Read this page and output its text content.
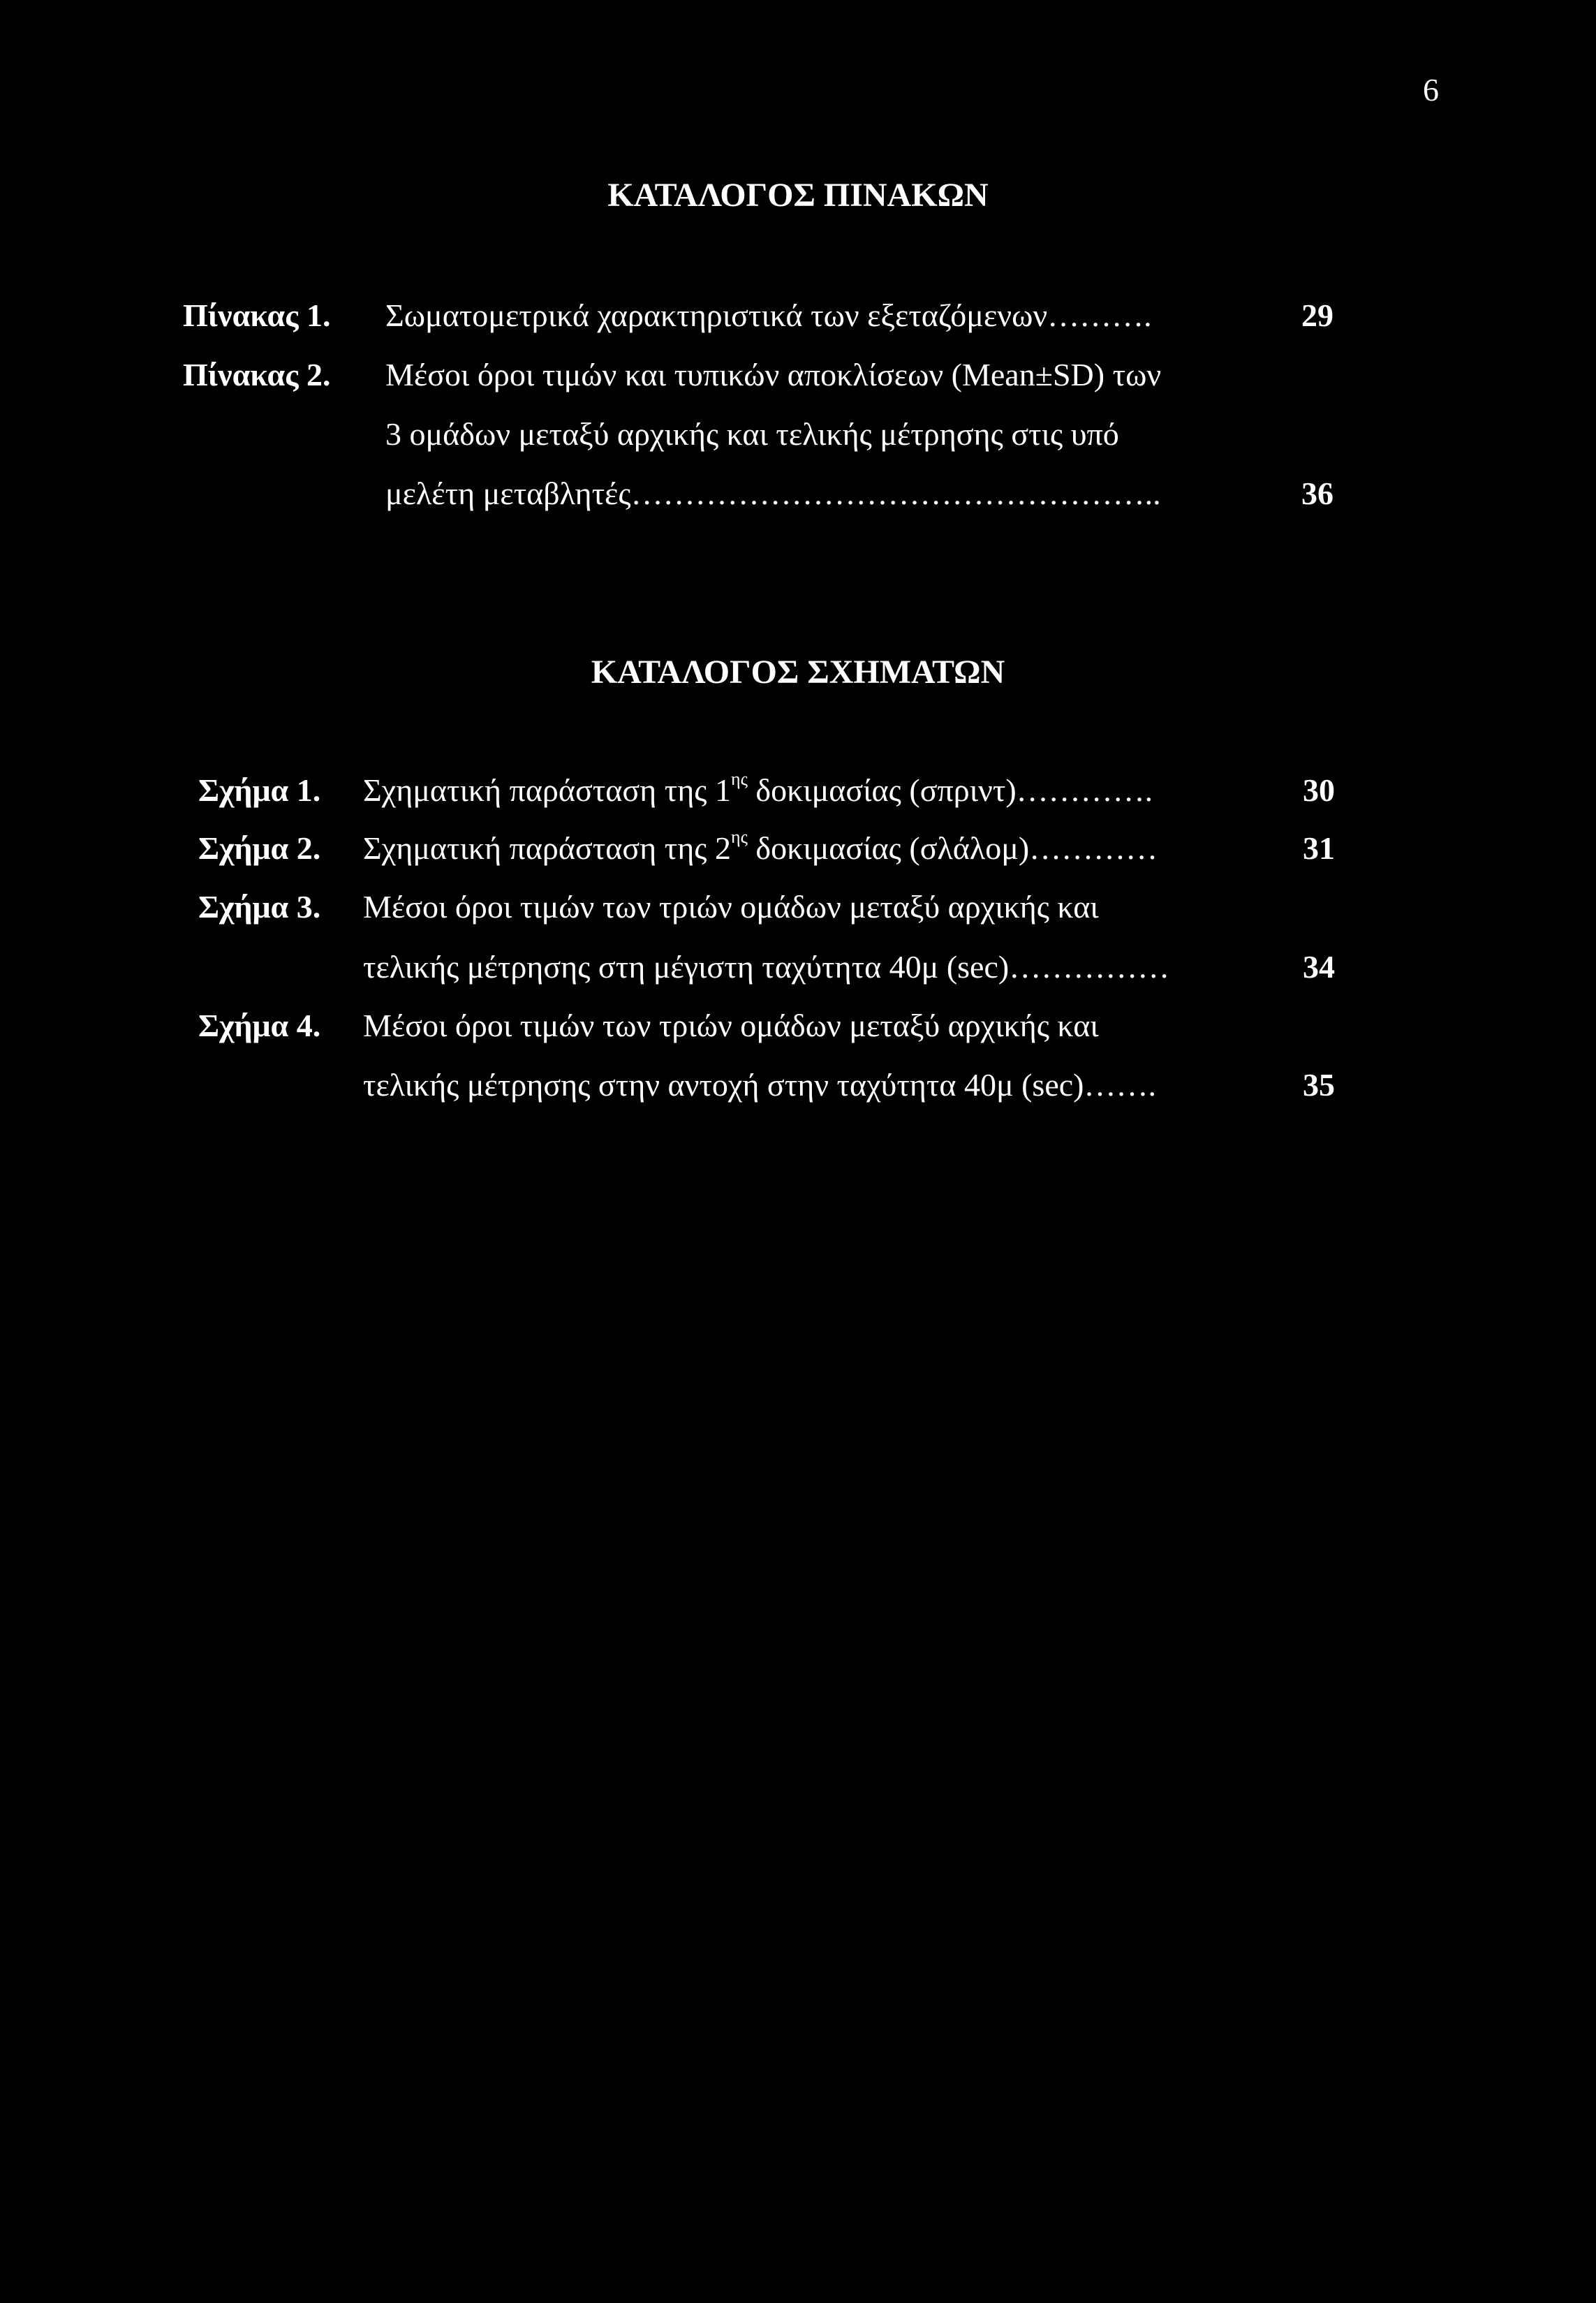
6
ΚΑΤΑΛΟΓΟΣ ΠΙΝΑΚΩΝ
Πίνακας 1. Σωματομετρικά χαρακτηριστικά των εξεταζόμενων……….	29
Πίνακας 2. Μέσοι όροι τιμών και τυπικών αποκλίσεων (Mean±SD) των
3 ομάδων μεταξύ αρχικής και τελικής μέτρησης στις υπό
μελέτη μεταβλητές…………………………………………..	36
ΚΑΤΑΛΟΓΟΣ ΣΧΗΜΑΤΩΝ
Σχήμα 1. Σχηματική παράσταση της $1^{\eta\varsigma}$ δοκιμασίας (σπριντ)………….	30
Σχήμα 2. Σχηματική παράσταση της $2^{\eta\varsigma}$ δοκιμασίας (σλάλομ)…………	31
Σχήμα 3. Μέσοι όροι τιμών των τριών ομάδων μεταξύ αρχικής και
τελικής μέτρησης στη μέγιστη ταχύτητα 40μ (sec)……………	34
Σχήμα 4. Μέσοι όροι τιμών των τριών ομάδων μεταξύ αρχικής και
τελικής μέτρησης στην αντοχή στην ταχύτητα 40μ (sec)…….	35
